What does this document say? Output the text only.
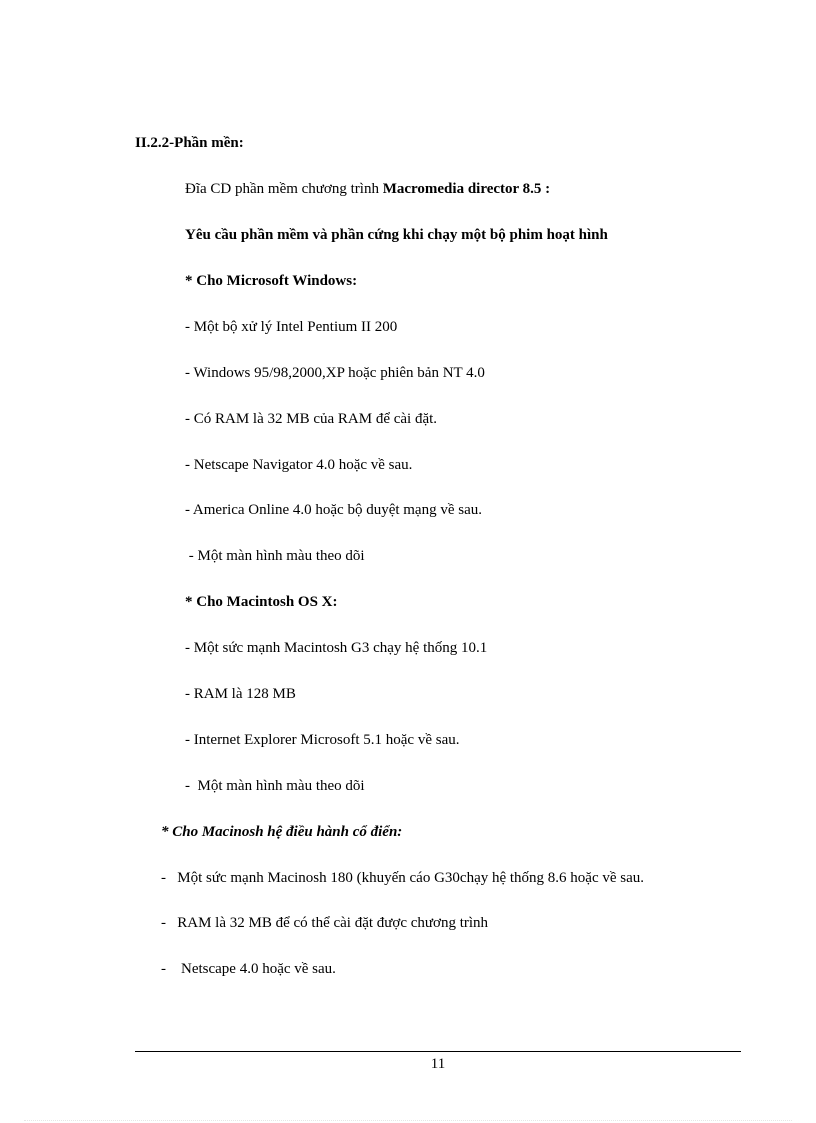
II.2.2-Phần mền:
Đĩa CD phần mềm chương trình Macromedia director 8.5 :
Yêu cầu phần mềm và phần cứng khi chạy một bộ phim hoạt hình
* Cho Microsoft Windows:
- Một bộ xử lý Intel Pentium II 200
- Windows 95/98,2000,XP hoặc phiên bản NT 4.0
- Có RAM là 32 MB của RAM để cài đặt.
- Netscape Navigator 4.0 hoặc về sau.
- America Online 4.0 hoặc bộ duyệt mạng về sau.
- Một màn hình màu theo dõi
* Cho Macintosh OS X:
- Một sức mạnh Macintosh G3 chạy hệ thống 10.1
- RAM là 128 MB
- Internet Explorer Microsoft 5.1 hoặc về sau.
-  Một màn hình màu theo dõi
* Cho Macinosh hệ điều hành cổ điển:
-   Một sức mạnh Macinosh 180 (khuyến cáo G30chạy hệ thống 8.6 hoặc về sau.
-   RAM là 32 MB để có thể cài đặt được chương trình
-    Netscape 4.0 hoặc về sau.
11
